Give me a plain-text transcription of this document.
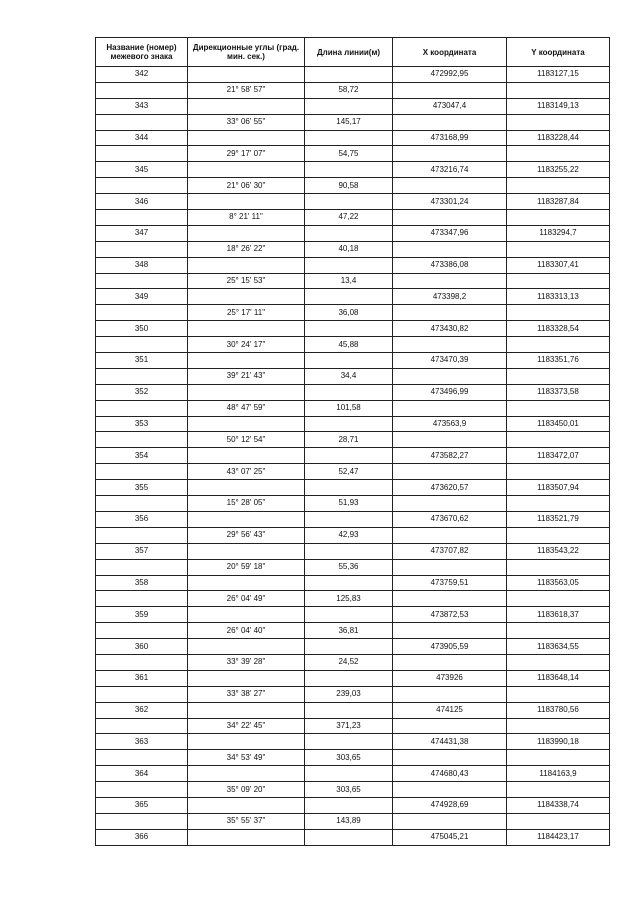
Название (номер) межевого знака	Дирекционные углы (град. мин. сек.)	Длина линии(м)	X координата	Y координата
342			472992,95	1183127,15
	21° 58' 57"	58,72		
343			473047,4	1183149,13
	33° 06' 55"	145,17		
344			473168,99	1183228,44
	29° 17' 07"	54,75		
345			473216,74	1183255,22
	21° 06' 30"	90,58		
346			473301,24	1183287,84
	8° 21' 11"	47,22		
347			473347,96	1183294,7
	18° 26' 22"	40,18		
348			473386,08	1183307,41
	25° 15' 53"	13,4		
349			473398,2	1183313,13
	25° 17' 11"	36,08		
350			473430,82	1183328,54
	30° 24' 17"	45,88		
351			473470,39	1183351,76
	39° 21' 43"	34,4		
352			473496,99	1183373,58
	48° 47' 59"	101,58		
353			473563,9	1183450,01
	50° 12' 54"	28,71		
354			473582,27	1183472,07
	43° 07' 25"	52,47		
355			473620,57	1183507,94
	15° 28' 05"	51,93		
356			473670,62	1183521,79
	29° 56' 43"	42,93		
357			473707,82	1183543,22
	20° 59' 18"	55,36		
358			473759,51	1183563,05
	26° 04' 49"	125,83		
359			473872,53	1183618,37
	26° 04' 40"	36,81		
360			473905,59	1183634,55
	33° 39' 28"	24,52		
361			473926	1183648,14
	33° 38' 27"	239,03		
362			474125	1183780,56
	34° 22' 45"	371,23		
363			474431,38	1183990,18
	34° 53' 49"	303,65		
364			474680,43	1184163,9
	35° 09' 20"	303,65		
365			474928,69	1184338,74
	35° 55' 37"	143,89		
366			475045,21	1184423,17
